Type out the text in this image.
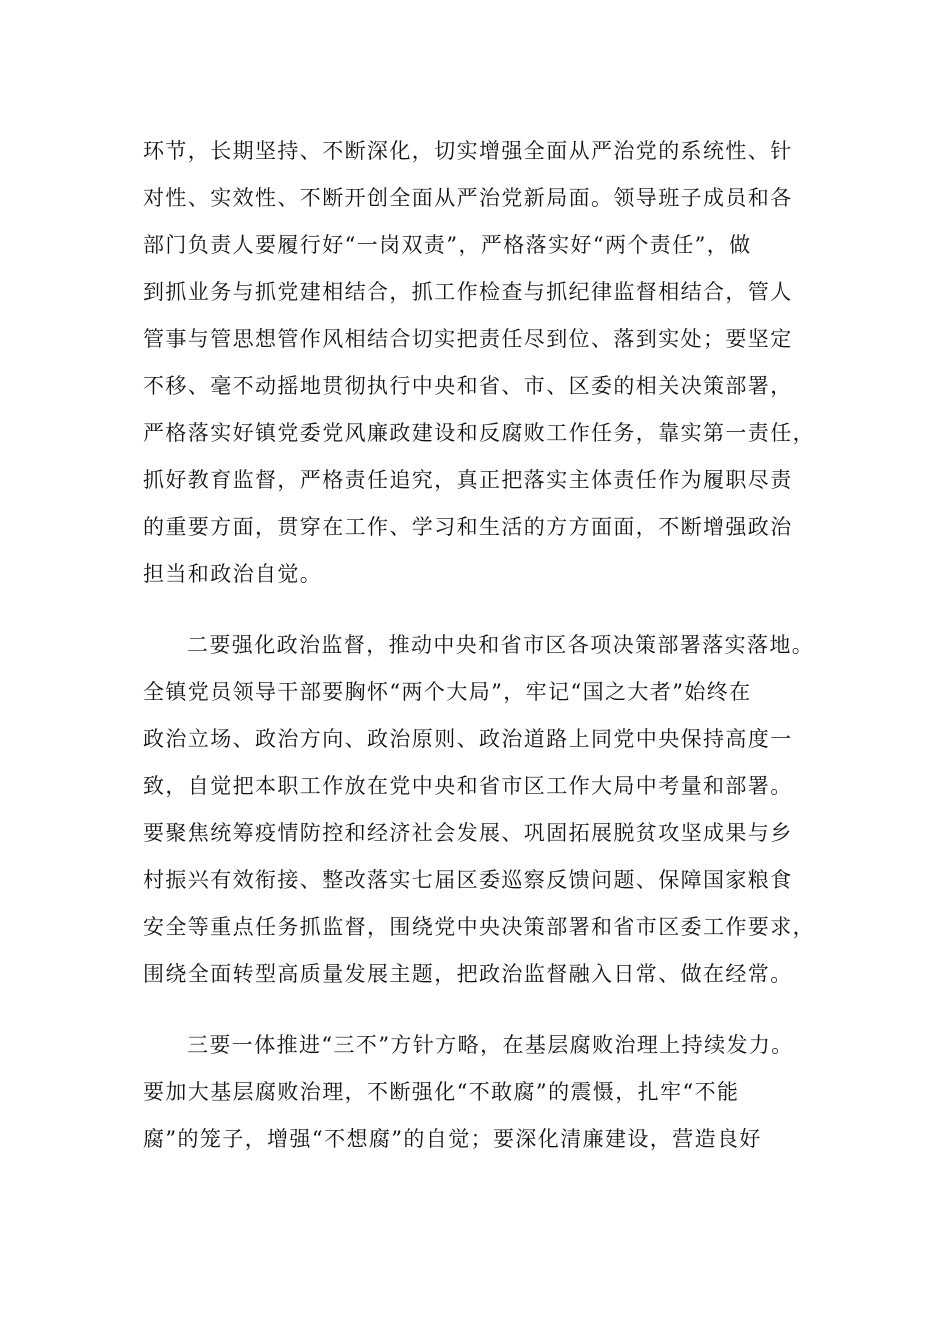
环节，长期坚持、不断深化，切实增强全面从严治党的系统性、针
对性、实效性、不断开创全面从严治党新局面。领导班子成员和各
部门负责人要履行好“一岗双责”，严格落实好“两个责任”，做
到抓业务与抓党建相结合，抓工作检查与抓纪律监督相结合，管人
管事与管思想管作风相结合切实把责任尽到位、落到实处；要坚定
不移、毫不动摇地贯彻执行中央和省、市、区委的相关决策部署，
严格落实好镇党委党风廉政建设和反腐败工作任务，靠实第一责任，
抓好教育监督，严格责任追究，真正把落实主体责任作为履职尽责
的重要方面，贯穿在工作、学习和生活的方方面面，不断增强政治
担当和政治自觉。
二要强化政治监督，推动中央和省市区各项决策部署落实落地。
全镇党员领导干部要胸怀“两个大局”，牢记“国之大者”始终在
政治立场、政治方向、政治原则、政治道路上同党中央保持高度一
致，自觉把本职工作放在党中央和省市区工作大局中考量和部署。
要聚焦统筹疫情防控和经济社会发展、巩固拓展脱贫攻坚成果与乡
村振兴有效衔接、整改落实七届区委巡察反馈问题、保障国家粮食
安全等重点任务抓监督，围绕党中央决策部署和省市区委工作要求，
围绕全面转型高质量发展主题，把政治监督融入日常、做在经常。
三要一体推进“三不”方针方略，在基层腐败治理上持续发力。
要加大基层腐败治理，不断强化“不敢腐”的震慑，扎牢“不能
腐”的笼子，增强“不想腐”的自觉；要深化清廉建设，营造良好
